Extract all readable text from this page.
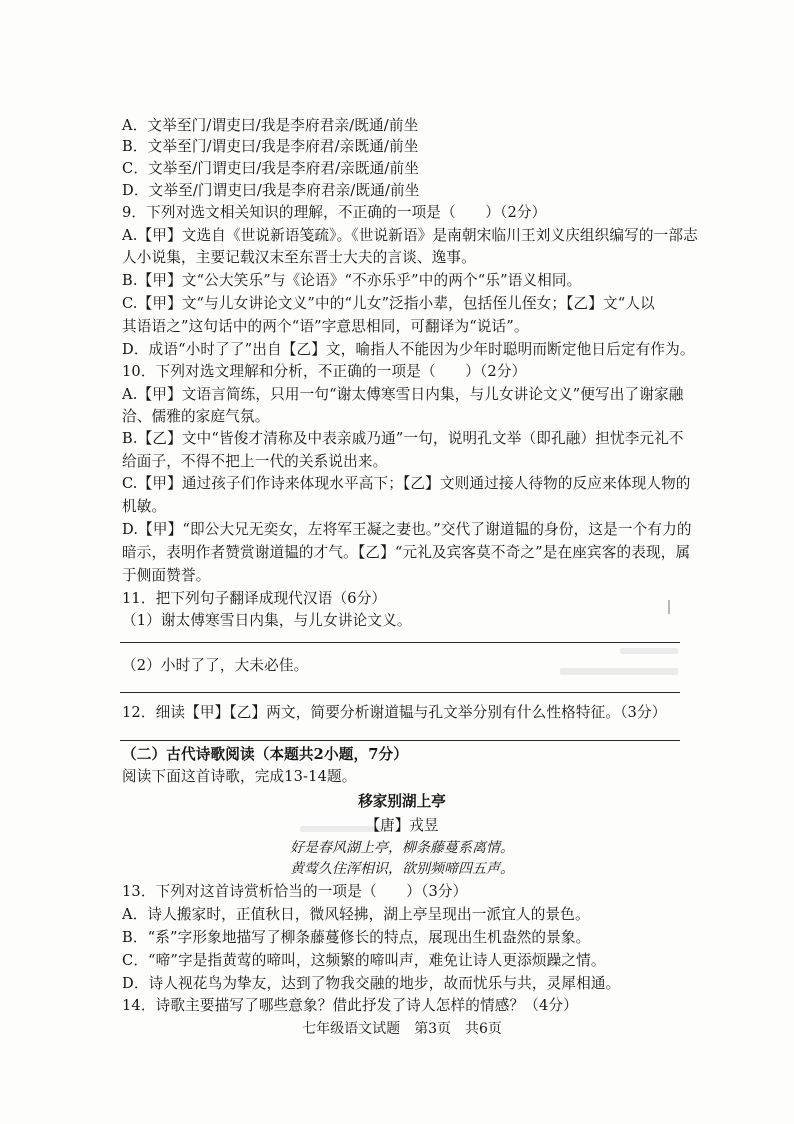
A．文举至门/谓吏曰/我是李府君亲/既通/前坐
B．文举至门/谓吏曰/我是李府君/亲既通/前坐
C．文举至/门谓吏曰/我是李府君/亲既通/前坐
D．文举至/门谓吏曰/我是李府君亲/既通/前坐
9．下列对选文相关知识的理解，不正确的一项是（　　）（2分）
A.【甲】文选自《世说新语笺疏》。《世说新语》是南朝宋临川王刘义庆组织编写的一部志
人小说集，主要记载汉末至东晋士大夫的言谈、逸事。
B.【甲】文“公大笑乐”与《论语》“不亦乐乎”中的两个“乐”语义相同。
C.【甲】文“与儿女讲论文义”中的“儿女”泛指小辈，包括侄儿侄女；【乙】文“人以
其语语之”这句话中的两个“语”字意思相同，可翻译为“说话”。
D．成语“小时了了”出自【乙】文，喻指人不能因为少年时聪明而断定他日后定有作为。
10．下列对选文理解和分析，不正确的一项是（　　）（2分）
A.【甲】文语言简练，只用一句“谢太傅寒雪日内集，与儿女讲论文义”便写出了谢家融
洽、儒雅的家庭气氛。
B.【乙】文中“皆俊才清称及中表亲戚乃通”一句，说明孔文举（即孔融）担忧李元礼不
给面子，不得不把上一代的关系说出来。
C.【甲】通过孩子们作诗来体现水平高下；【乙】文则通过接人待物的反应来体现人物的
机敏。
D.【甲】“即公大兄无奕女，左将军王凝之妻也。”交代了谢道韫的身份，这是一个有力的
暗示，表明作者赞赏谢道韫的才气。【乙】“元礼及宾客莫不奇之”是在座宾客的表现，属
于侧面赞誉。
11．把下列句子翻译成现代汉语（6分）
（1）谢太傅寒雪日内集，与儿女讲论文义。
（2）小时了了，大未必佳。
12．细读【甲】【乙】两文，简要分析谢道韫与孔文举分别有什么性格特征。（3分）
（二）古代诗歌阅读（本题共2小题，7分）
阅读下面这首诗歌，完成13-14题。
移家别湖上亭
【唐】戎昱
好是春风湖上亭，柳条藤蔓系离情。
黄莺久住浑相识，欲别频啼四五声。
13．下列对这首诗赏析恰当的一项是（　　）（3分）
A．诗人搬家时，正值秋日，微风轻拂，湖上亭呈现出一派宜人的景色。
B．“系”字形象地描写了柳条藤蔓修长的特点，展现出生机盎然的景象。
C．“啼”字是指黄莺的啼叫，这频繁的啼叫声，难免让诗人更添烦躁之情。
D．诗人视花鸟为挚友，达到了物我交融的地步，故而忧乐与共，灵犀相通。
14．诗歌主要描写了哪些意象？借此抒发了诗人怎样的情感？（4分）
七年级语文试题　第3页　共6页
